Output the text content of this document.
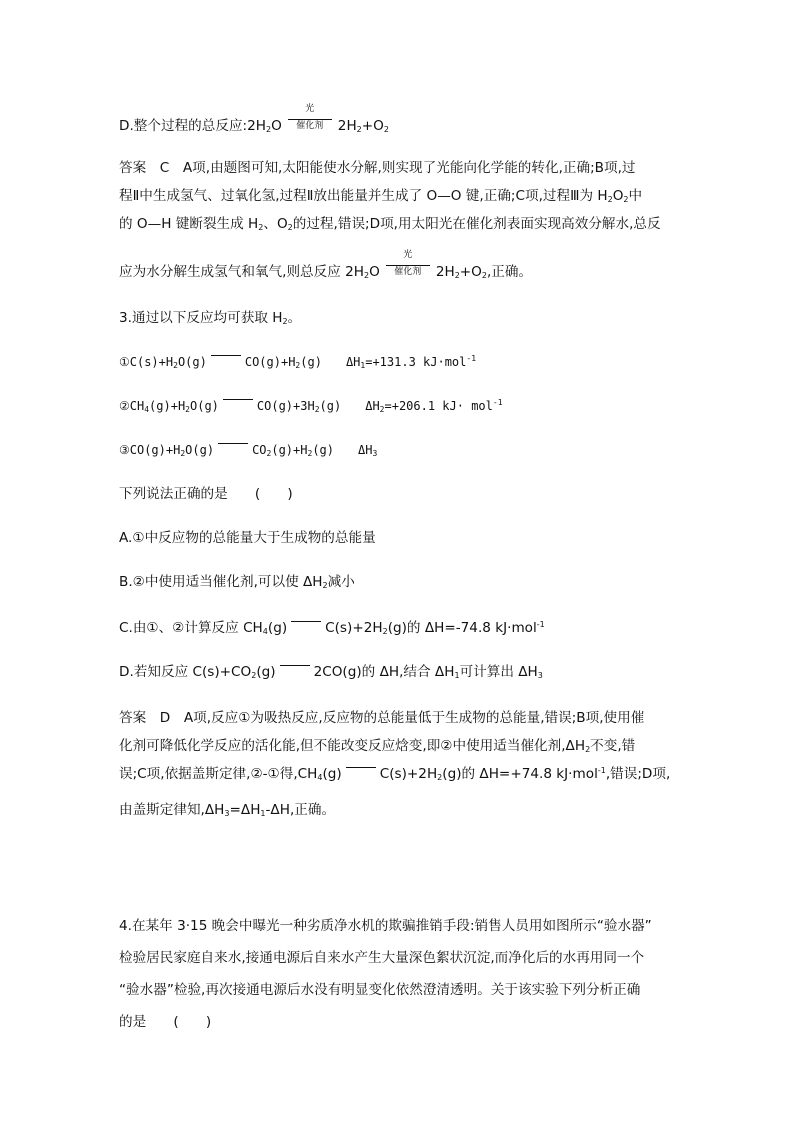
D.整个过程的总反应$:2H_2O$
光
催化剂	$2H_2+O_2$
答案　C　A项,由题图可知,太阳能使水分解,则实现了光能向化学能的转化,正确;B项,过
程Ⅱ中生成氢气、过氧化氢,过程Ⅱ放出能量并生成了 O—O 键,正确;C项,过程Ⅲ为 $H_2O_2$中
的 O—H 键断裂生成 $H_2$、$O_2$的过程,错误;D项,用太阳光在催化剂表面实现高效分解水,总反
应为水分解生成氢气和氧气,则总反应 $2H_2O$
光
催化剂	$2H_2+O_2$,正确。
3.通过以下反应均可获取 $H_2$。
$①C(s)+H_2O(g)$	$CO(g)+H_2(g)$ $\Delta H_1=+131.3$ kJ·mol$^{-1}$
$②CH_4(g)+H_2O(g)$	$CO(g)+3H_2(g)$ $\Delta H_2=+206.1$ kJ· mol$^{-1}$
$③CO(g)+H_2O(g)$	$CO_2(g)+H_2(g)$ $\Delta H_3$
下列说法正确的是　　(　　)
A.①中反应物的总能量大于生成物的总能量
B.②中使用适当催化剂,可以使 $\Delta H_2$减小
C.由①、②计算反应 $CH_4(g)$	$C(s)+2H_2(g)$的 ΔH=-74.8 kJ·mol$^{-1}$
D.若知反应 $C(s)+CO_2(g)$	2CO(g)的 ΔH,结合 $\Delta H_1$可计算出 $\Delta H_3$
答案　D　A项,反应①为吸热反应,反应物的总能量低于生成物的总能量,错误;B项,使用催
化剂可降低化学反应的活化能,但不能改变反应焓变,即②中使用适当催化剂$,\Delta H_2$不变,错
误;C项,依据盖斯定律,②-①得$,CH_4(g)$	$C(s)+2H_2(g)$的 ΔH=+74.8 kJ·mol$^{-1}$,错误;D项,
由盖斯定律知$,\Delta H_3=\Delta H_1-\Delta H$,正确。
4.在某年 3·15 晚会中曝光一种劣质净水机的欺骗推销手段:销售人员用如图所示“验水器”
检验居民家庭自来水,接通电源后自来水产生大量深色絮状沉淀,而净化后的水再用同一个
“验水器”检验,再次接通电源后水没有明显变化依然澄清透明。关于该实验下列分析正确
的是　　(　　)
